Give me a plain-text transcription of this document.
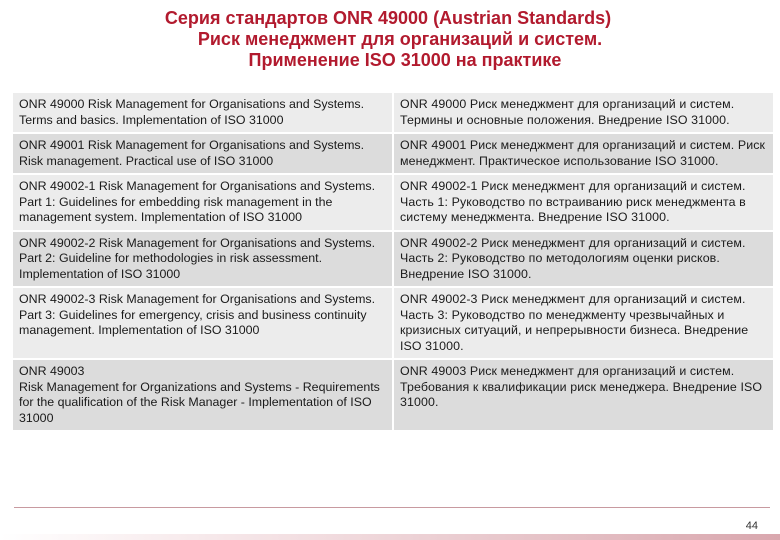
Серия стандартов ONR 49000 (Austrian Standards)
Риск менеджмент для организаций и систем.
Применение ISO 31000 на практике
ONR 49000 Risk Management for Organisations and Systems. Terms and basics. Implementation of ISO 31000	ONR 49000 Риск менеджмент для организаций и систем. Термины и основные положения. Внедрение ISO 31000.
ONR 49001 Risk Management for Organisations and Systems. Risk management. Practical use of ISO 31000	ONR 49001 Риск менеджмент для организаций и систем. Риск менеджмент. Практическое использование ISO 31000.
ONR 49002-1 Risk Management for Organisations and Systems. Part 1: Guidelines for embedding risk management in the management system. Implementation of ISO 31000	ONR 49002-1 Риск менеджмент для организаций и систем. Часть 1: Руководство по встраиванию риск менеджмента в систему менеджмента. Внедрение ISO 31000.
ONR 49002-2 Risk Management for Organisations and Systems. Part 2: Guideline for methodologies in risk assessment. Implementation of ISO 31000	ONR 49002-2 Риск менеджмент для организаций и систем. Часть 2: Руководство по методологиям оценки рисков. Внедрение ISO 31000.
ONR 49002-3 Risk Management for Organisations and Systems. Part 3: Guidelines for emergency, crisis and business continuity management. Implementation of ISO 31000	ONR 49002-3 Риск менеджмент для организаций и систем. Часть 3: Руководство по менеджменту чрезвычайных и кризисных ситуаций, и непрерывности бизнеса. Внедрение ISO 31000.
ONR 49003
Risk Management for Organizations and Systems - Requirements for the qualification of the Risk Manager - Implementation of ISO 31000	ONR 49003 Риск менеджмент для организаций и систем. Требования к квалификации риск менеджера. Внедрение ISO 31000.
44
